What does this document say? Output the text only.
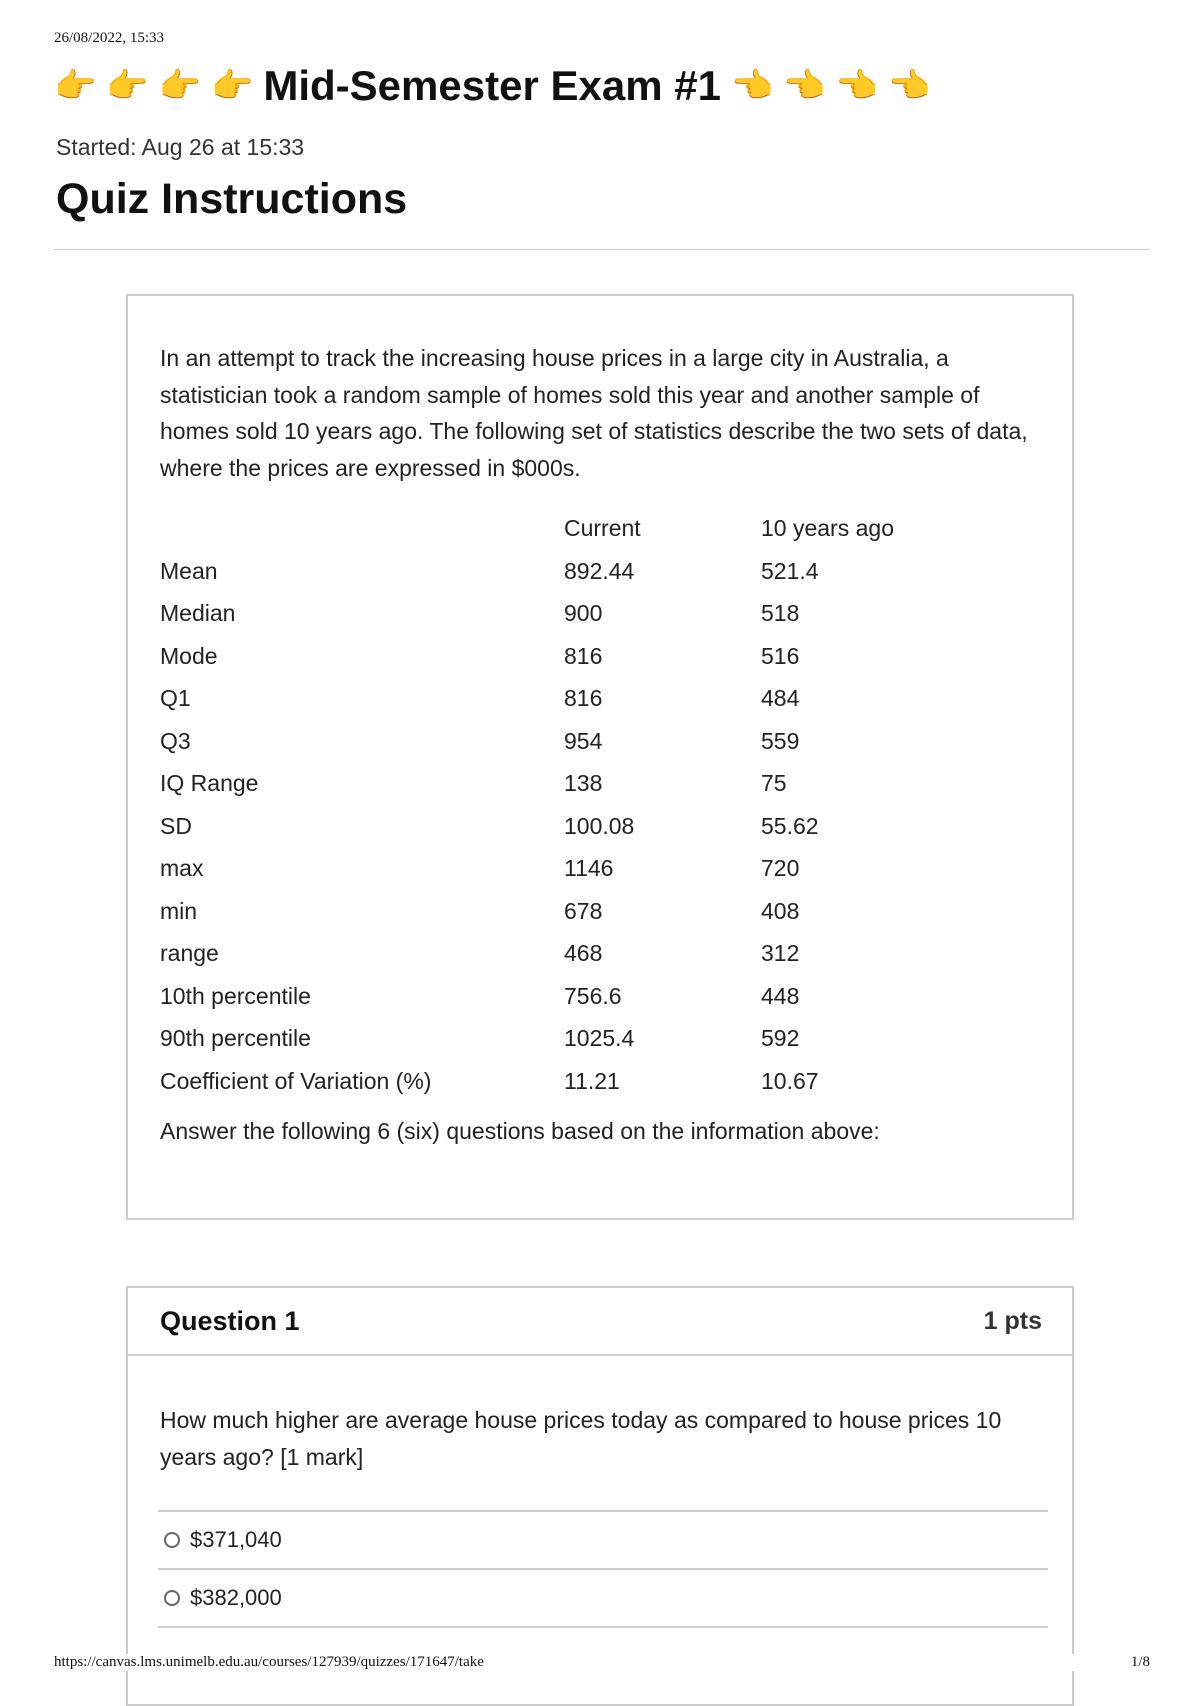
26/08/2022, 15:33
👉 👉 👉 👉 Mid-Semester Exam #1 👈 👈 👈 👈
Started: Aug 26 at 15:33
Quiz Instructions

In an attempt to track the increasing house prices in a large city in Australia, a statistician took a random sample of homes sold this year and another sample of homes sold 10 years ago. The following set of statistics describe the two sets of data, where the prices are expressed in $000s.

	Current	10 years ago
Mean	892.44	521.4
Median	900	518
Mode	816	516
Q1	816	484
Q3	954	559
IQ Range	138	75
SD	100.08	55.62
max	1146	720
min	678	408
range	468	312
10th percentile	756.6	448
90th percentile	1025.4	592
Coefficient of Variation (%)	11.21	10.67

Answer the following 6 (six) questions based on the information above:

Question 1	1 pts

How much higher are average house prices today as compared to house prices 10 years ago? [1 mark]

$371,040
$382,000
https://canvas.lms.unimelb.edu.au/courses/127939/quizzes/171647/take	1/8
